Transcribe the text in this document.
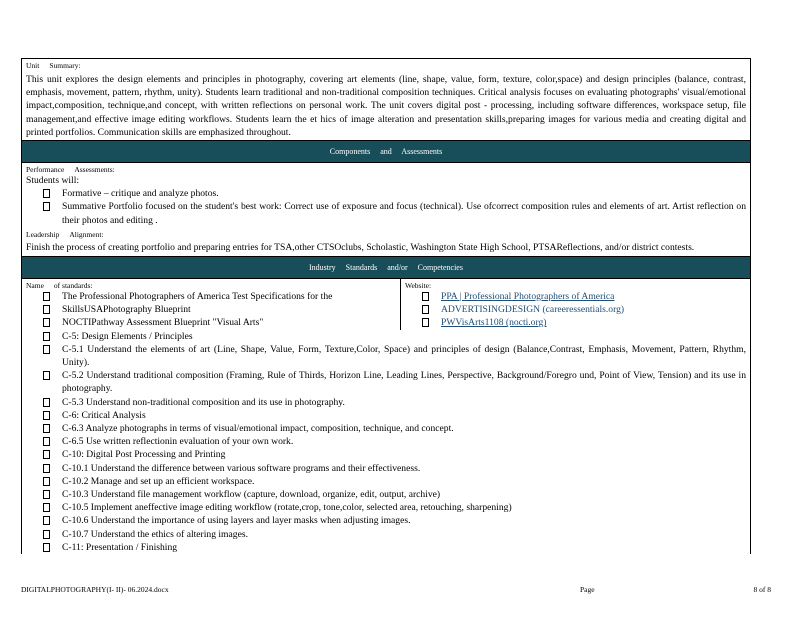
Unit Summary:
This unit explores the design elements and principles in photography, covering art elements (line, shape, value, form, texture, color,space) and design principles (balance, contrast, emphasis, movement, pattern, rhythm, unity). Students learn traditional and non-traditional composition techniques. Critical analysis focuses on evaluating photographs' visual/emotional impact,composition, technique,and concept, with written reflections on personal work. The unit covers digital post - processing, including software differences, workspace setup, file management,and effective image editing workflows. Students learn the et hics of image alteration and presentation skills,preparing images for various media and creating digital and printed portfolios. Communication skills are emphasized throughout.
Components and Assessments
Performance Assessments:
Students will:
Formative – critique and analyze photos.
Summative Portfolio focused on the student's best work: Correct use of exposure and focus (technical). Use ofcorrect composition rules and elements of art. Artist reflection on their photos and editing .
Leadership Alignment:
Finish the process of creating portfolio and preparing entries for TSA,other CTSOclubs, Scholastic, Washington State High School, PTSAReflections, and/or district contests.
Industry Standards and/or Competencies
Name of standards:
The Professional Photographers of America Test Specifications for the
SkillsUSAPhotography Blueprint
NOCTIPathway Assessment Blueprint "Visual Arts"
Website:
PPA | Professional Photographers of America
ADVERTISINGDESIGN (careeressentials.org)
PWVisArts1108 (nocti.org)
C-5: Design Elements / Principles
C-5.1 Understand the elements of art (Line, Shape, Value, Form, Texture,Color, Space) and principles of design (Balance,Contrast, Emphasis, Movement, Pattern, Rhythm, Unity).
C-5.2 Understand traditional composition (Framing, Rule of Thirds, Horizon Line, Leading Lines, Perspective, Background/Foregro und, Point of View, Tension) and its use in photography.
C-5.3 Understand non-traditional composition and its use in photography.
C-6: Critical Analysis
C-6.3 Analyze photographs in terms of visual/emotional impact, composition, technique, and concept.
C-6.5 Use written reflectionin evaluation of your own work.
C-10: Digital Post Processing and Printing
C-10.1 Understand the difference between various software programs and their effectiveness.
C-10.2 Manage and set up an efficient workspace.
C-10.3 Understand file management workflow (capture, download, organize, edit, output, archive)
C-10.5 Implement aneffective image editing workflow (rotate,crop, tone,color, selected area, retouching, sharpening)
C-10.6 Understand the importance of using layers and layer masks when adjusting images.
C-10.7 Understand the ethics of altering images.
C-11: Presentation / Finishing
DIGITALPHOTOGRAPHY(I- II)- 06.2024.docx	Page	8 of 8
